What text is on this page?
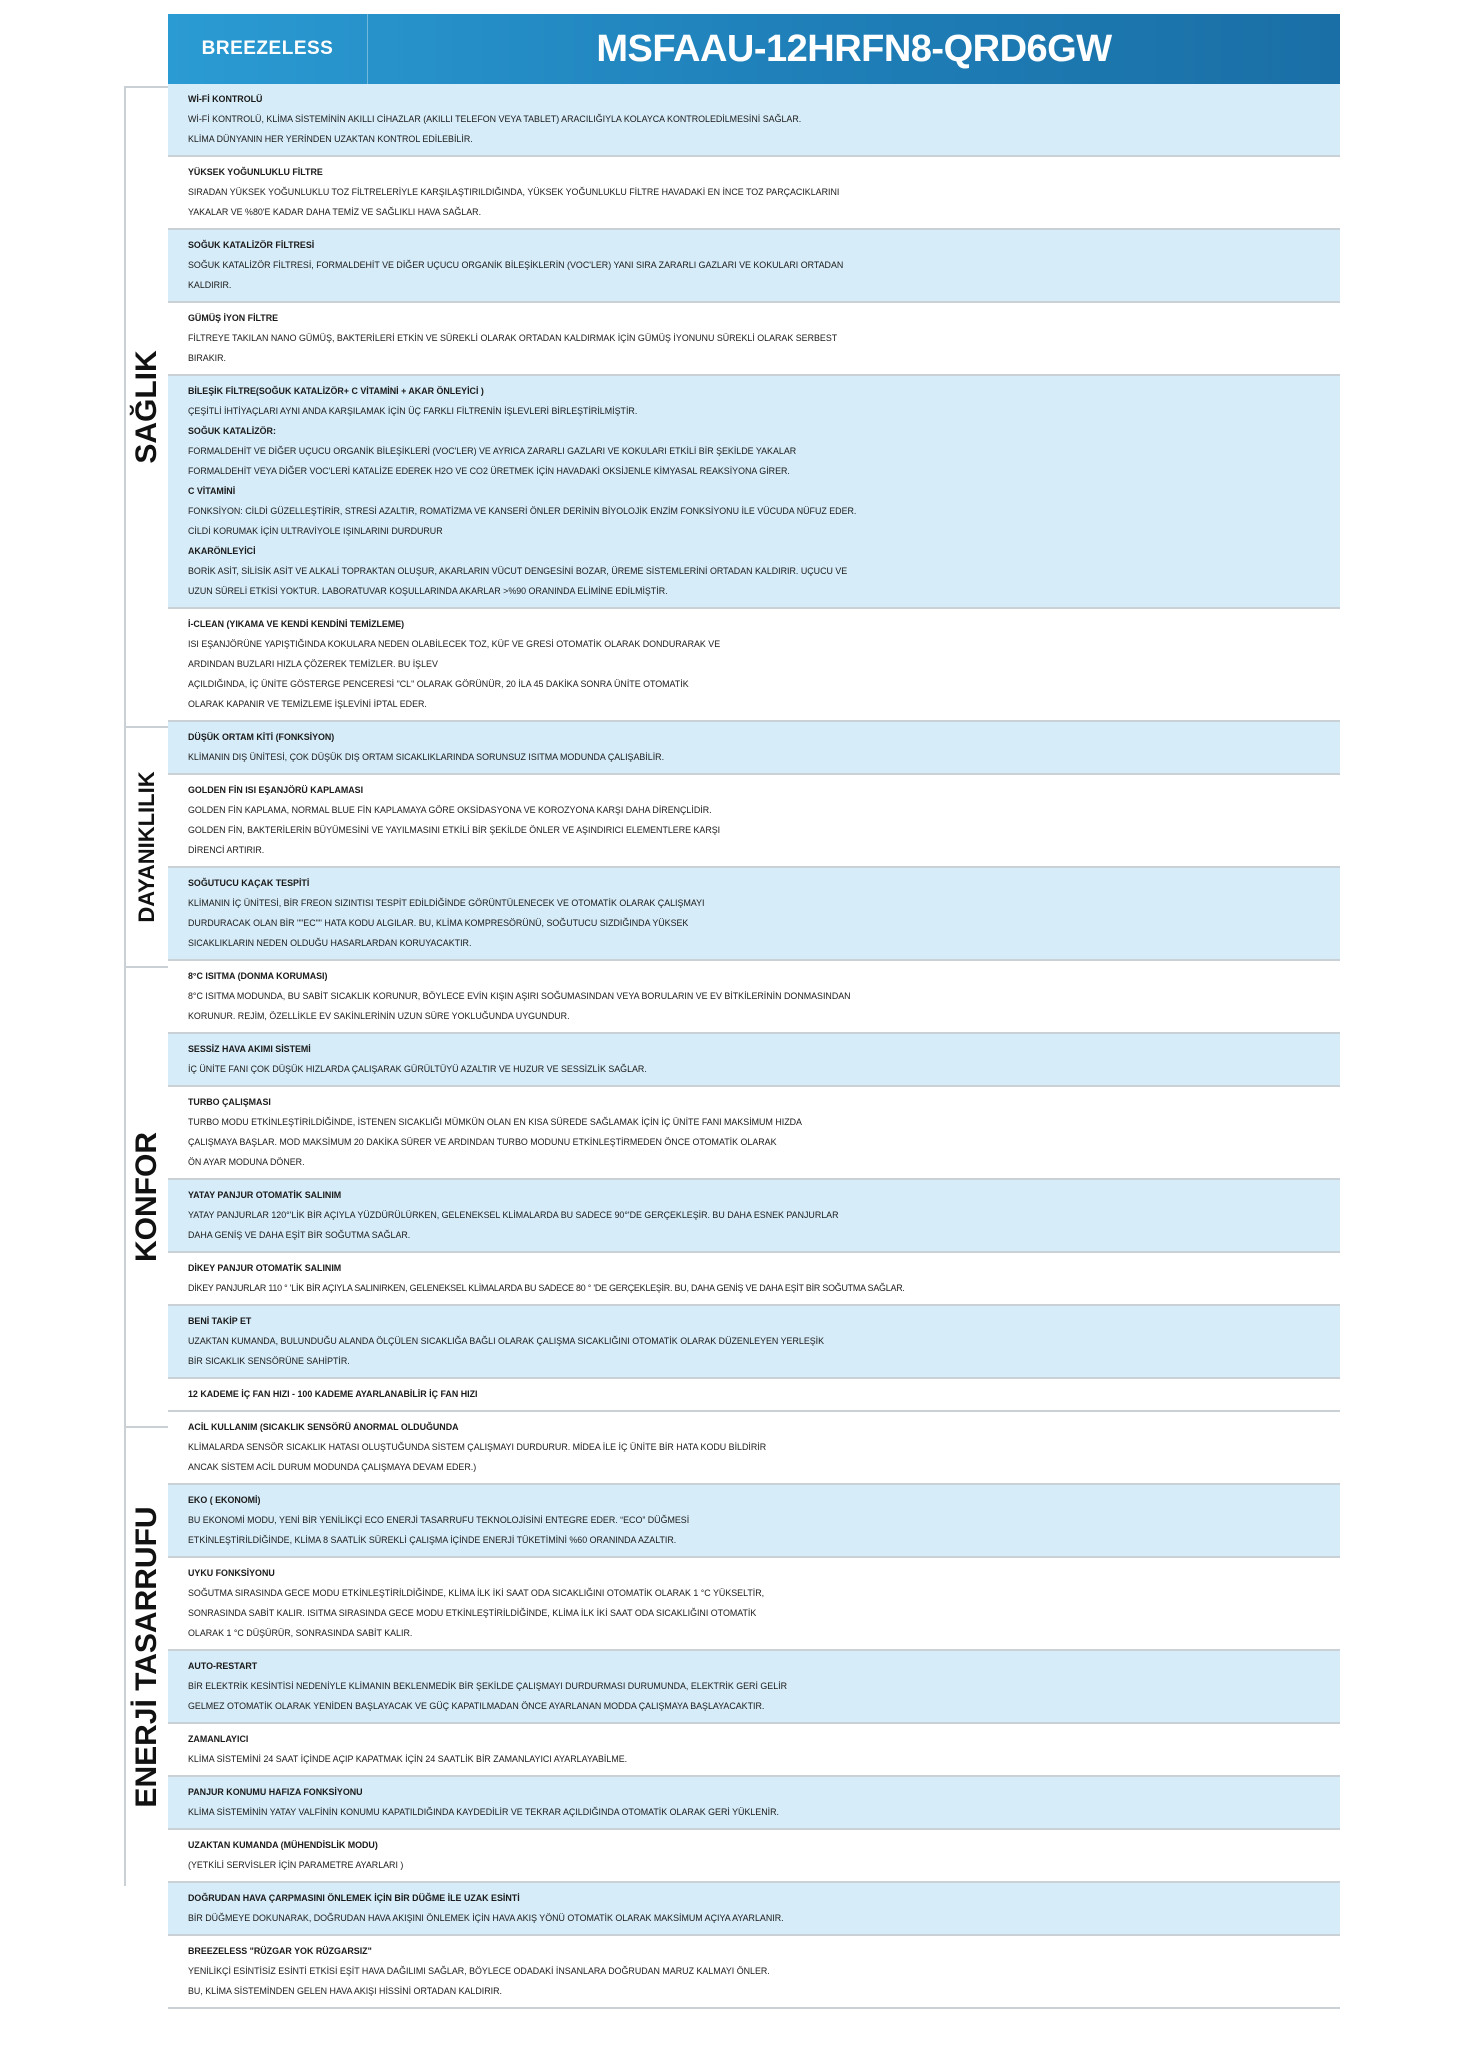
BREEZELESS	MSFAAU-12HRFN8-QRD6GW
Wİ-Fİ KONTROLÜ
Wİ-Fİ KONTROLÜ, KLİMA SİSTEMİNİN AKILLI CİHAZLAR (AKILLI TELEFON VEYA TABLET) ARACILIĞIYLA KOLAYCA KONTROLEDİLMESİNİ SAĞLAR.
KLİMA DÜNYANIN HER YERİNDEN UZAKTAN KONTROL EDİLEBİLİR.
YÜKSEK YOĞUNLUKLU FİLTRE
SIRADAN YÜKSEK YOĞUNLUKLU TOZ FİLTRELERİYLE KARŞILAŞTIRILDIĞINDA, YÜKSEK YOĞUNLUKLU FİLTRE HAVADAKİ EN İNCE TOZ PARÇACIKLARINI
YAKALAR VE %80'E KADAR DAHA TEMİZ VE SAĞLIKLI HAVA SAĞLAR.
SOĞUK KATALİZÖR FİLTRESİ
SOĞUK KATALİZÖR FİLTRESİ, FORMALDEHİT VE DİĞER UÇUCU ORGANİK BİLEŞİKLERİN (VOC'LER) YANI SIRA ZARARLI GAZLARI VE KOKULARI ORTADAN
KALDIRIR.
GÜMÜŞ İYON FİLTRE
FİLTREYE TAKILAN NANO GÜMÜŞ, BAKTERİLERİ ETKİN VE SÜREKLİ OLARAK ORTADAN KALDIRMAK İÇİN GÜMÜŞ İYONUNU SÜREKLİ OLARAK SERBEST
BIRAKIR.
BİLEŞİK FİLTRE(SOĞUK KATALİZÖR+ C VİTAMİNİ + AKAR ÖNLEYİCİ )
ÇEŞİTLİ İHTİYAÇLARI AYNI ANDA KARŞILAMAK İÇİN ÜÇ FARKLI FİLTRENİN İŞLEVLERİ BİRLEŞTİRİLMİŞTİR.
SOĞUK KATALİZÖR:
FORMALDEHİT VE DİĞER UÇUCU ORGANİK BİLEŞİKLERİ (VOC'LER) VE AYRICA ZARARLI GAZLARI VE KOKULARI ETKİLİ BİR ŞEKİLDE YAKALAR
FORMALDEHİT VEYA DİĞER VOC'LERİ KATALİZE EDEREK H2O VE CO2 ÜRETMEK İÇİN HAVADAKİ OKSİJENLE KİMYASAL REAKSİYONA GİRER.
C VİTAMİNİ
FONKSİYON: CİLDİ GÜZELLEŞTİRİR, STRESİ AZALTIR, ROMATİZMA VE KANSERİ ÖNLER DERİNİN BİYOLOJİK ENZİM FONKSİYONU İLE VÜCUDA NÜFUZ EDER.
CİLDİ KORUMAK İÇİN ULTRAVİYOLE IŞINLARINI DURDURUR
AKARÖNLEYİCİ
BORİK ASİT, SİLİSİK ASİT VE ALKALİ TOPRAKTAN OLUŞUR, AKARLARIN VÜCUT DENGESİNİ BOZAR, ÜREME SİSTEMLERİNİ ORTADAN KALDIRIR. UÇUCU VE
UZUN SÜRELİ ETKİSİ YOKTUR. LABORATUVAR KOŞULLARINDA AKARLAR >%90 ORANINDA ELİMİNE EDİLMİŞTİR.
İ-CLEAN (YIKAMA VE KENDİ KENDİNİ TEMİZLEME)
ISI EŞANJÖRÜNE YAPIŞTIĞINDA KOKULARA NEDEN OLABİLECEK TOZ, KÜF VE GRESİ OTOMATİK OLARAK DONDURARAK VE
ARDINDAN BUZLARI HIZLA ÇÖZEREK TEMİZLER. BU İŞLEV
AÇILDIĞINDA, İÇ ÜNİTE GÖSTERGE PENCERESİ "CL" OLARAK GÖRÜNÜR, 20 İLA 45 DAKİKA SONRA ÜNİTE OTOMATİK
OLARAK KAPANIR VE TEMİZLEME İŞLEVİNİ İPTAL EDER.
DÜŞÜK ORTAM KİTİ (FONKSİYON)
KLİMANIN DIŞ ÜNİTESİ, ÇOK DÜŞÜK DIŞ ORTAM SICAKLIKLARINDA SORUNSUZ ISITMA MODUNDA ÇALIŞABİLİR.
GOLDEN FİN ISI EŞANJÖRÜ KAPLAMASI
GOLDEN FİN KAPLAMA, NORMAL BLUE FİN KAPLAMAYA GÖRE OKSİDASYONA VE KOROZYONA KARŞI DAHA DİRENÇLİDİR.
GOLDEN FİN, BAKTERİLERİN BÜYÜMESİNİ VE YAYILMASINI ETKİLİ BİR ŞEKİLDE ÖNLER VE AŞINDIRICI ELEMENTLERE KARŞI
DİRENCİ ARTIRIR.
SOĞUTUCU KAÇAK TESPİTİ
KLİMANIN İÇ ÜNİTESİ, BİR FREON SIZINTISI TESPİT EDİLDİĞİNDE GÖRÜNTÜLENECEK VE OTOMATİK OLARAK ÇALIŞMAYI
DURDURACAK OLAN BİR ""EC"" HATA KODU ALGILAR. BU, KLİMA KOMPRESÖRÜNÜ, SOĞUTUCU SIZDIĞINDA YÜKSEK
SICAKLIKLARIN NEDEN OLDUĞU HASARLARDAN KORUYACAKTIR.
8°C ISITMA (DONMA KORUMASI)
8°C ISITMA MODUNDA, BU SABİT SICAKLIK KORUNUR, BÖYLECE EVİN KIŞIN AŞIRI SOĞUMASINDAN VEYA BORULARIN VE EV BİTKİLERİNİN DONMASINDAN
KORUNUR. REJİM, ÖZELLİKLE EV SAKİNLERİNİN UZUN SÜRE YOKLUĞUNDA UYGUNDUR.
SESSİZ HAVA AKIMI SİSTEMİ
İÇ ÜNİTE FANI ÇOK DÜŞÜK HIZLARDA ÇALIŞARAK GÜRÜLTÜYÜ AZALTIR VE HUZUR VE SESSİZLİK SAĞLAR.
TURBO ÇALIŞMASI
TURBO MODU ETKİNLEŞTİRİLDİĞİNDE, İSTENEN SICAKLIĞI MÜMKÜN OLAN EN KISA SÜREDE SAĞLAMAK İÇİN İÇ ÜNİTE FANI MAKSİMUM HIZDA
ÇALIŞMAYA BAŞLAR. MOD MAKSİMUM 20 DAKİKA SÜRER VE ARDINDAN TURBO MODUNU ETKİNLEŞTİRMEDEN ÖNCE OTOMATİK OLARAK
ÖN AYAR MODUNA DÖNER.
YATAY PANJUR OTOMATİK SALINIM
YATAY PANJURLAR 120°'LİK BİR AÇIYLA YÜZDÜRÜLÜRKEN, GELENEKSEL KLİMALARDA BU SADECE 90°'DE GERÇEKLEŞİR. BU DAHA ESNEK PANJURLAR
DAHA GENİŞ VE DAHA EŞİT BİR SOĞUTMA SAĞLAR.
DİKEY PANJUR OTOMATİK SALINIM
DİKEY PANJURLAR 110 ° 'LİK BİR AÇIYLA SALINIRKEN, GELENEKSEL KLİMALARDA BU SADECE 80 ° 'DE GERÇEKLEŞİR. BU, DAHA GENİŞ VE DAHA EŞİT BİR SOĞUTMA SAĞLAR.
BENİ TAKİP ET
UZAKTAN KUMANDA, BULUNDUĞU ALANDA ÖLÇÜLEN SICAKLIĞA BAĞLI OLARAK ÇALIŞMA SICAKLIĞINI OTOMATİK OLARAK DÜZENLEYEN YERLEŞİK
BİR SICAKLIK SENSÖRÜNE SAHİPTİR.
12 KADEME İÇ FAN HIZI - 100 KADEME AYARLANABİLİR İÇ FAN HIZI
ACİL KULLANIM (SICAKLIK SENSÖRÜ ANORMAL OLDUĞUNDA
KLİMALARDA SENSÖR SICAKLIK HATASI OLUŞTUĞUNDA SİSTEM ÇALIŞMAYI DURDURUR. MİDEA İLE İÇ ÜNİTE BİR HATA KODU BİLDİRİR
ANCAK SİSTEM ACİL DURUM MODUNDA ÇALIŞMAYA DEVAM EDER.)
EKO ( EKONOMİ)
BU EKONOMİ MODU, YENİ BİR YENİLİKÇİ ECO ENERJİ TASARRUFU TEKNOLOJİSİNİ ENTEGRE EDER. “ECO” DÜĞMESİ
ETKİNLEŞTİRİLDİĞİNDE, KLİMA 8 SAATLİK SÜREKLİ ÇALIŞMA İÇİNDE ENERJİ TÜKETİMİNİ %60 ORANINDA AZALTIR.
UYKU FONKSİYONU
SOĞUTMA SIRASINDA GECE MODU ETKİNLEŞTİRİLDİĞİNDE, KLİMA İLK İKİ SAAT ODA SICAKLIĞINI OTOMATİK OLARAK 1 °C YÜKSELTİR,
SONRASINDA SABİT KALIR. ISITMA SIRASINDA GECE MODU ETKİNLEŞTİRİLDİĞİNDE, KLİMA İLK İKİ SAAT ODA SICAKLIĞINI OTOMATİK
OLARAK 1 °C DÜŞÜRÜR, SONRASINDA SABİT KALIR.
AUTO-RESTART
BİR ELEKTRİK KESİNTİSİ NEDENİYLE KLİMANIN BEKLENMEDİK BİR ŞEKİLDE ÇALIŞMAYI DURDURMASI DURUMUNDA, ELEKTRİK GERİ GELİR
GELMEZ OTOMATİK OLARAK YENİDEN BAŞLAYACAK VE GÜÇ KAPATILMADAN ÖNCE AYARLANAN MODDA ÇALIŞMAYA BAŞLAYACAKTIR.
ZAMANLAYICI
KLİMA SİSTEMİNİ 24 SAAT İÇİNDE AÇIP KAPATMAK İÇİN 24 SAATLİK BİR ZAMANLAYICI AYARLAYABİLME.
PANJUR KONUMU HAFIZA FONKSİYONU
KLİMA SİSTEMİNİN YATAY VALFİNİN KONUMU KAPATILDIĞINDA KAYDEDİLİR VE TEKRAR AÇILDIĞINDA OTOMATİK OLARAK GERİ YÜKLENİR.
UZAKTAN KUMANDA (MÜHENDİSLİK MODU)
(YETKİLİ SERVİSLER İÇİN PARAMETRE AYARLARI )
DOĞRUDAN HAVA ÇARPMASINI ÖNLEMEK İÇİN BİR DÜĞME İLE UZAK ESİNTİ
BİR DÜĞMEYE DOKUNARAK, DOĞRUDAN HAVA AKIŞINI ÖNLEMEK İÇİN HAVA AKIŞ YÖNÜ OTOMATİK OLARAK MAKSİMUM AÇIYA AYARLANIR.
BREEZELESS "RÜZGAR YOK RÜZGARSIZ"
YENİLİKÇİ ESİNTİSİZ ESİNTİ ETKİSİ EŞİT HAVA DAĞILIMI SAĞLAR, BÖYLECE ODADAKİ İNSANLARA DOĞRUDAN MARUZ KALMAYI ÖNLER.
BU, KLİMA SİSTEMİNDEN GELEN HAVA AKIŞI HİSSİNİ ORTADAN KALDIRIR.
SAĞLIK
DAYANIKLILIK
KONFOR
ENERJİ TASARRUFU
